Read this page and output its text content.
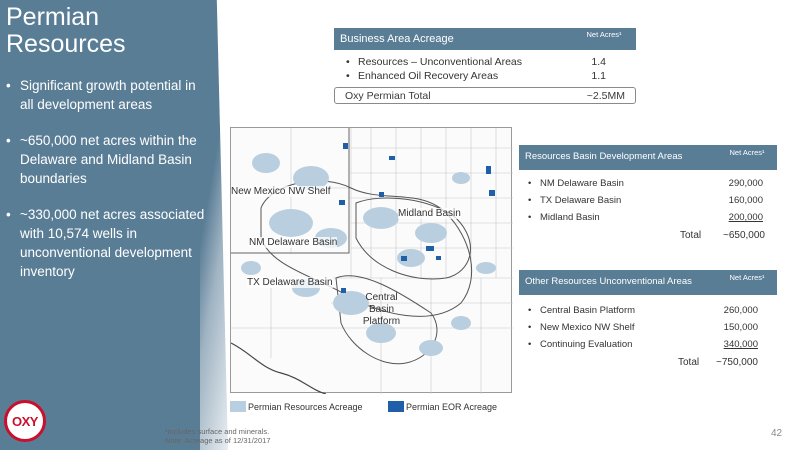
Permian Resources
• Significant growth potential in all development areas
• ~650,000 net acres within the Delaware and Midland Basin boundaries
• ~330,000 net acres associated with 10,574 wells in unconventional development inventory
OXY
Business Area Acreage	Net Acres¹
• Resources – Unconventional Areas	1.4
• Enhanced Oil Recovery Areas	1.1
Oxy Permian Total	~2.5MM
Resources Basin Development Areas	Net Acres¹
• NM Delaware Basin	290,000
• TX Delaware Basin	160,000
• Midland Basin	200,000
Total ~650,000
Other Resources Unconventional Areas	Net Acres¹
• Central Basin Platform	260,000
• New Mexico NW Shelf	150,000
• Continuing Evaluation	340,000
Total ~750,000
New Mexico NW Shelf
Midland Basin
NM Delaware Basin
TX Delaware Basin
Central Basin Platform
Permian Resources Acreage	Permian EOR Acreage
¹Includes surface and minerals.
Note: Acreage as of 12/31/2017
42
